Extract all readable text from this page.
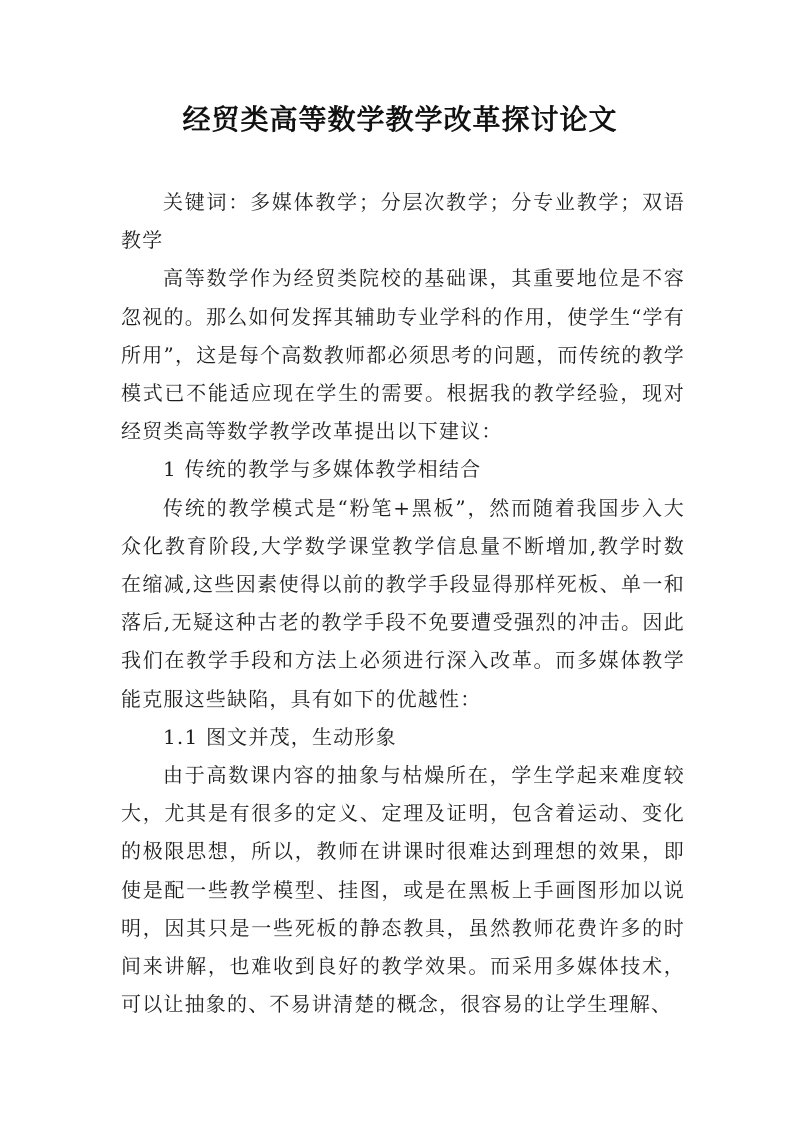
经贸类高等数学教学改革探讨论文

关键词：多媒体教学；分层次教学；分专业教学；双语教学

高等数学作为经贸类院校的基础课，其重要地位是不容忽视的。那么如何发挥其辅助专业学科的作用，使学生“学有所用”，这是每个高数教师都必须思考的问题，而传统的教学模式已不能适应现在学生的需要。根据我的教学经验，现对经贸类高等数学教学改革提出以下建议：

1 传统的教学与多媒体教学相结合

传统的教学模式是“粉笔+黑板”，然而随着我国步入大众化教育阶段,大学数学课堂教学信息量不断增加,教学时数在缩减,这些因素使得以前的教学手段显得那样死板、单一和落后,无疑这种古老的教学手段不免要遭受强烈的冲击。因此我们在教学手段和方法上必须进行深入改革。而多媒体教学能克服这些缺陷，具有如下的优越性：

1.1 图文并茂，生动形象

由于高数课内容的抽象与枯燥所在，学生学起来难度较大，尤其是有很多的定义、定理及证明，包含着运动、变化的极限思想，所以，教师在讲课时很难达到理想的效果，即使是配一些教学模型、挂图，或是在黑板上手画图形加以说明，因其只是一些死板的静态教具，虽然教师花费许多的时间来讲解，也难收到良好的教学效果。而采用多媒体技术，可以让抽象的、不易讲清楚的概念，很容易的让学生理解、
